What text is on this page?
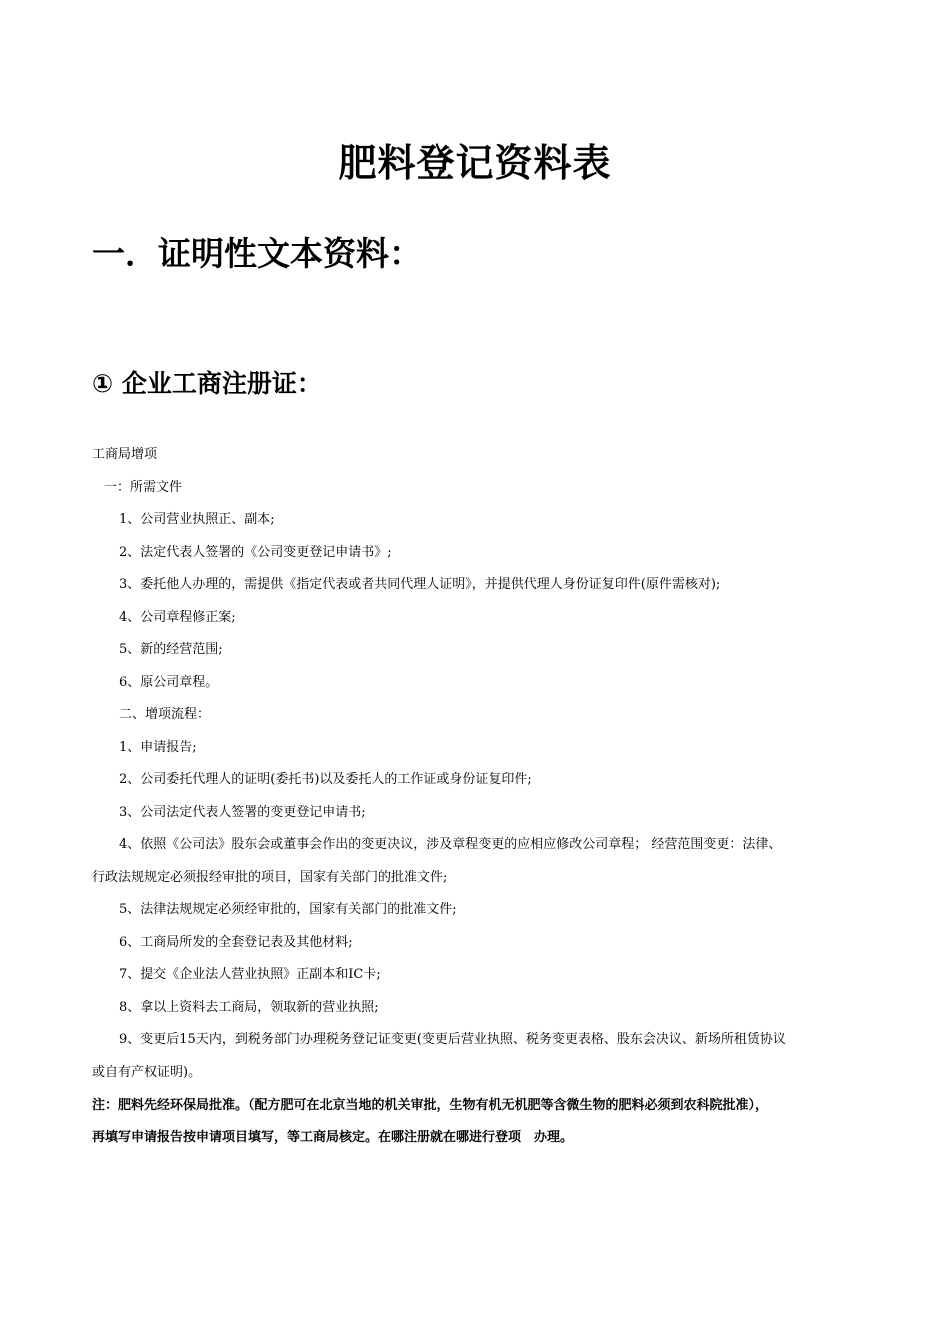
肥料登记资料表
一．证明性文本资料：
① 企业工商注册证：
工商局增项
一：所需文件
1、公司营业执照正、副本;
2、法定代表人签署的《公司变更登记申请书》;
3、委托他人办理的，需提供《指定代表或者共同代理人证明》，并提供代理人身份证复印件(原件需核对);
4、公司章程修正案;
5、新的经营范围;
6、原公司章程。
二、增项流程：
1、申请报告;
2、公司委托代理人的证明(委托书)以及委托人的工作证或身份证复印件;
3、公司法定代表人签署的变更登记申请书;
4、依照《公司法》股东会或董事会作出的变更决议，涉及章程变更的应相应修改公司章程； 经营范围变更：法律、
行政法规规定必须报经审批的项目，国家有关部门的批准文件;
5、法律法规规定必须经审批的，国家有关部门的批准文件;
6、工商局所发的全套登记表及其他材料;
7、提交《企业法人营业执照》正副本和IC卡;
8、拿以上资料去工商局，领取新的营业执照;
9、变更后15天内，到税务部门办理税务登记证变更(变更后营业执照、税务变更表格、股东会决议、新场所租赁协议
或自有产权证明)。
注：肥料先经环保局批准。（配方肥可在北京当地的机关审批，生物有机无机肥等含微生物的肥料必须到农科院批准），
再填写申请报告按申请项目填写，等工商局核定。在哪注册就在哪进行登项　办理。
